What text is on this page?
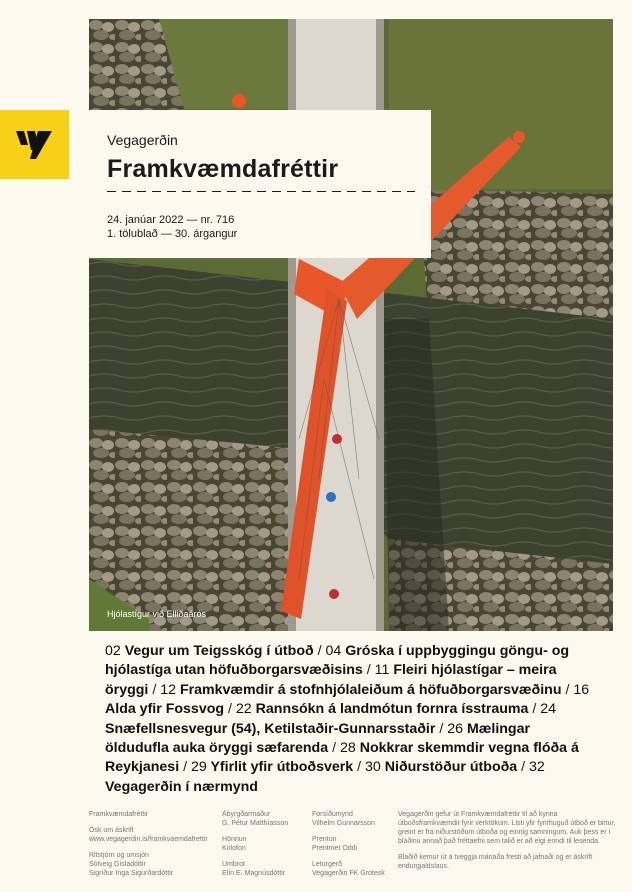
Hjólastígur við Elliðaárós
Vegagerðin
Framkvæmdafréttir
24. janúar 2022 — nr. 716
1. tölublað — 30. árgangur
02 Vegur um Teigsskóg í útboð / 04 Gróska í uppbyggingu göngu- og hjólastíga utan höfuðborgarsvæðisins / 11 Fleiri hjólastígar – meira öryggi / 12 Framkvæmdir á stofnhjólaleiðum á höfuðborgarsvæðinu / 16 Alda yfir Fossvog / 22 Rannsókn á landmótun fornra ísstrauma / 24 Snæfellsnesvegur (54), Ketilstaðir-Gunnarsstaðir / 26 Mælingar ölduduflа auka öryggi sæfarenda / 28 Nokkrar skemmdir vegna flóða á Reykjanesi / 29 Yfirlit yfir útboðsverk / 30 Niðurstöður útboða / 32 Vegagerðin í nærmynd
Framkvæmdafréttir
Ósk um áskrift
www.vegagerdin.is/framkvaemdafrettir
Ritstjórn og umsjón
Sólveig Gísladóttir
Sigríður Inga Sigurðardóttir
Ábyrgðarmaður
G. Pétur Matthíasson
Hönnun
Kolofon
Umbrot
Elín E. Magnúsdóttir
Forsíðumynd
Vilhelm Gunnarsson
Prentun
Prentmet Oddi
Leturgerð
Vegagerðin FK Grotesk
Vegagerðin gefur út Framkvæmdafréttir til að kynna útboðsframkvæmdir fyrir verktökum. Listi yfir fyrirhuguð útboð er birtur, greint er frá niðurstöðum útboða og einnig samningum. Auk þess er í blaðinu annað það fréttaefni sem talið er að eigi erindi til lesenda.
Blaðið kemur út á tveggja mánaða fresti að jafnaði og er áskrift endurgjaldslaus.
